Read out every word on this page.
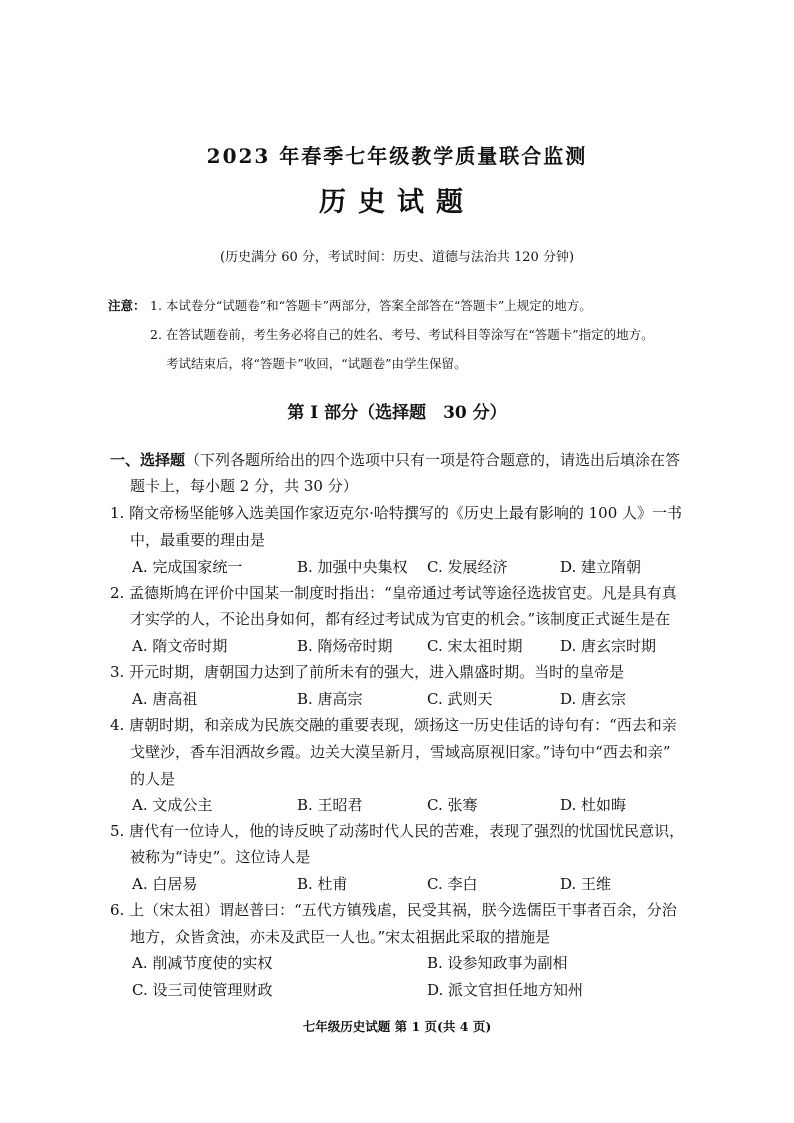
2023 年春季七年级教学质量联合监测
历史试题
(历史满分 60 分，考试时间：历史、道德与法治共 120 分钟)
注意： 1. 本试卷分“试题卷”和“答题卡”两部分，答案全部答在“答题卡”上规定的地方。
2. 在答试题卷前，考生务必将自己的姓名、考号、考试科目等涂写在“答题卡”指定的地方。
考试结束后，将“答题卡”收回，“试题卷”由学生保留。
第 I 部分（选择题　30 分）
一、选择题（下列各题所给出的四个选项中只有一项是符合题意的，请选出后填涂在答
题卡上，每小题 2 分，共 30 分）
1. 隋文帝杨坚能够入选美国作家迈克尔·哈特撰写的《历史上最有影响的 100 人》一书
中，最重要的理由是
A. 完成国家统一	B. 加强中央集权 C. 发展经济	D. 建立隋朝
2. 孟德斯鸠在评价中国某一制度时指出：“皇帝通过考试等途径选拔官吏。凡是具有真
才实学的人，不论出身如何，都有经过考试成为官吏的机会。”该制度正式诞生是在
A. 隋文帝时期	B. 隋炀帝时期 C. 宋太祖时期	D. 唐玄宗时期
3. 开元时期，唐朝国力达到了前所未有的强大，进入鼎盛时期。当时的皇帝是
A. 唐高祖	B. 唐高宗	C. 武则天	D. 唐玄宗
4. 唐朝时期，和亲成为民族交融的重要表现，颂扬这一历史佳话的诗句有：“西去和亲
戈壁沙，香车泪洒故乡霞。边关大漠呈新月，雪域高原视旧家。”诗句中“西去和亲”
的人是
A. 文成公主	B. 王昭君	C. 张骞	D. 杜如晦
5. 唐代有一位诗人，他的诗反映了动荡时代人民的苦难，表现了强烈的忧国忧民意识，
被称为“诗史”。这位诗人是
A. 白居易	B. 杜甫	C. 李白	D. 王维
6. 上（宋太祖）谓赵普曰：“五代方镇残虐，民受其祸，朕今选儒臣干事者百余，分治
地方，众皆贪浊，亦未及武臣一人也。”宋太祖据此采取的措施是
A. 削减节度使的实权	B. 设参知政事为副相
C. 设三司使管理财政	D. 派文官担任地方知州
七年级历史试题 第 1 页(共 4 页)
